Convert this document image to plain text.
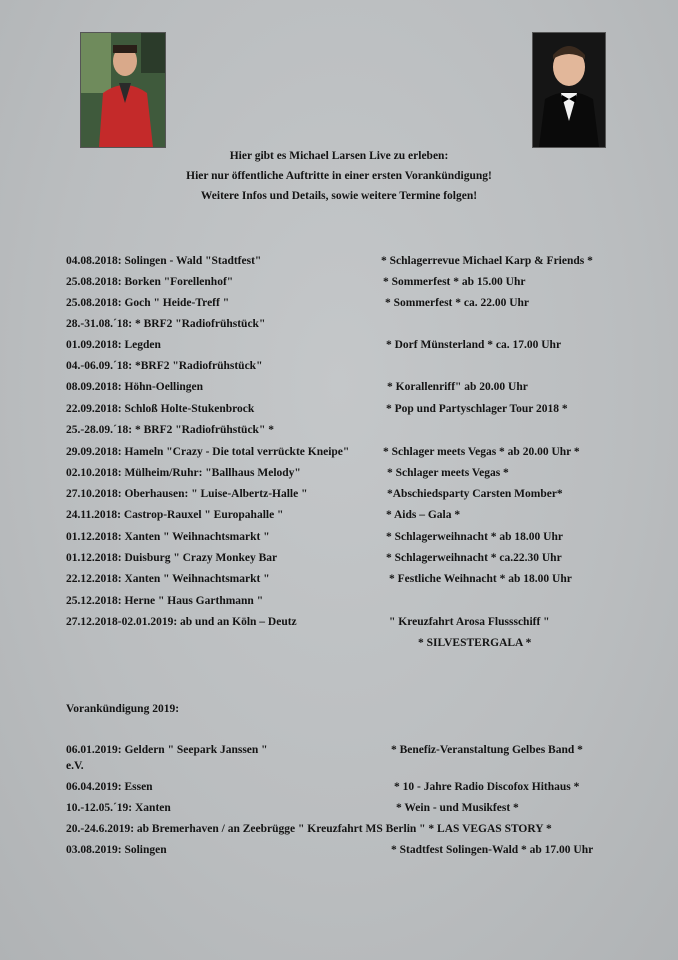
Hier gibt es Michael Larsen Live zu erleben:
Hier nur öffentliche Auftritte in einer ersten Vorankündigung!
Weitere Infos und Details, sowie weitere Termine folgen!
04.08.2018: Solingen - Wald "Stadtfest"	* Schlagerrevue Michael Karp & Friends *
25.08.2018: Borken "Forellenhof"	* Sommerfest * ab 15.00 Uhr
25.08.2018: Goch " Heide-Treff "	* Sommerfest * ca. 22.00 Uhr
28.-31.08.´18: * BRF2 "Radiofrühstück"
01.09.2018: Legden	* Dorf Münsterland * ca. 17.00 Uhr
04.-06.09.´18: *BRF2 "Radiofrühstück"
08.09.2018: Höhn-Oellingen	* Korallenriff" ab 20.00 Uhr
22.09.2018: Schloß Holte-Stukenbrock	* Pop und Partyschlager Tour 2018 *
25.-28.09.´18: * BRF2 "Radiofrühstück" *
29.09.2018: Hameln "Crazy - Die total verrückte Kneipe"	* Schlager meets Vegas * ab 20.00 Uhr *
02.10.2018: Mülheim/Ruhr: "Ballhaus Melody"	* Schlager meets Vegas *
27.10.2018: Oberhausen: " Luise-Albertz-Halle "	*Abschiedsparty Carsten Momber*
24.11.2018: Castrop-Rauxel " Europahalle "	* Aids – Gala *
01.12.2018: Xanten " Weihnachtsmarkt "	* Schlagerweihnacht * ab 18.00 Uhr
01.12.2018: Duisburg " Crazy Monkey Bar	* Schlagerweihnacht * ca.22.30 Uhr
22.12.2018: Xanten " Weihnachtsmarkt "	* Festliche Weihnacht * ab 18.00 Uhr
25.12.2018: Herne " Haus Garthmann "
27.12.2018-02.01.2019: ab und an Köln – Deutz	" Kreuzfahrt Arosa Flussschiff "
* SILVESTERGALA *
Vorankündigung 2019:
06.01.2019: Geldern " Seepark Janssen "	* Benefiz-Veranstaltung Gelbes Band *
e.V.
06.04.2019: Essen	* 10 - Jahre Radio Discofox Hithaus *
10.-12.05.´19: Xanten	* Wein - und Musikfest *
20.-24.6.2019: ab Bremerhaven / an Zeebrügge " Kreuzfahrt MS Berlin " * LAS VEGAS STORY *
03.08.2019: Solingen	* Stadtfest Solingen-Wald * ab 17.00 Uhr
